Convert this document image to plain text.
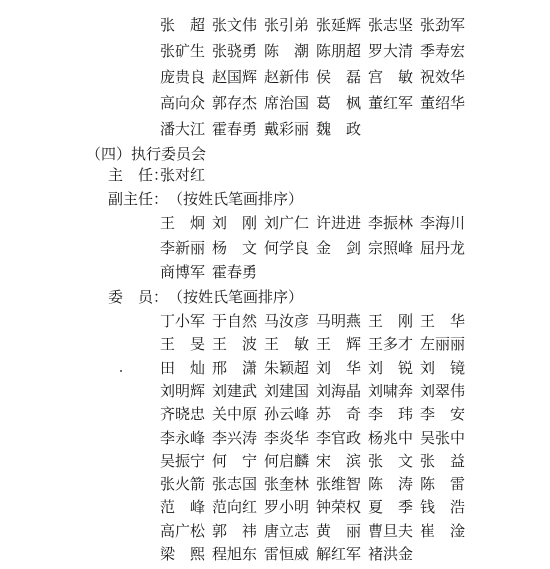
张　超 张文伟 张引弟 张延辉 张志坚 张劲军
张矿生 张骁勇 陈　潮 陈朋超 罗大清 季寿宏
庞贵良 赵国辉 赵新伟 侯　磊 宫　敏 祝效华
高向众 郭存杰 席治国 葛　枫 董红军 董绍华
潘大江 霍春勇 戴彩丽 魏　政
（四）执行委员会
主　任：
张对红
副主任： （按姓氏笔画排序）
王　炯 刘　刚 刘广仁 许进进 李振林 李海川
李新丽 杨　文 何学良 金　剑 宗照峰 屈丹龙
商博军 霍春勇
委　员： （按姓氏笔画排序）
丁小军 于自然 马汝彦 马明燕 王　刚 王　华
王　旻 王　波 王　敏 王　辉 王多才 左丽丽
田　灿 邢　潇 朱颖超 刘　华 刘　锐 刘　镜
刘明辉 刘建武 刘建国 刘海晶 刘啸奔 刘翠伟
齐晓忠 关中原 孙云峰 苏　奇 李　玮 李　安
李永峰 李兴涛 李炎华 李官政 杨兆中 吴张中
吴振宁 何　宁 何启麟 宋　滨 张　文 张　益
张火箭 张志国 张奎林 张维智 陈　涛 陈　雷
范　峰 范向红 罗小明 钟荣权 夏　季 钱　浩
高广松 郭　祎 唐立志 黄　丽 曹旦夫 崔　淦
梁　熙 程旭东 雷恒威 解红军 褚洪金
